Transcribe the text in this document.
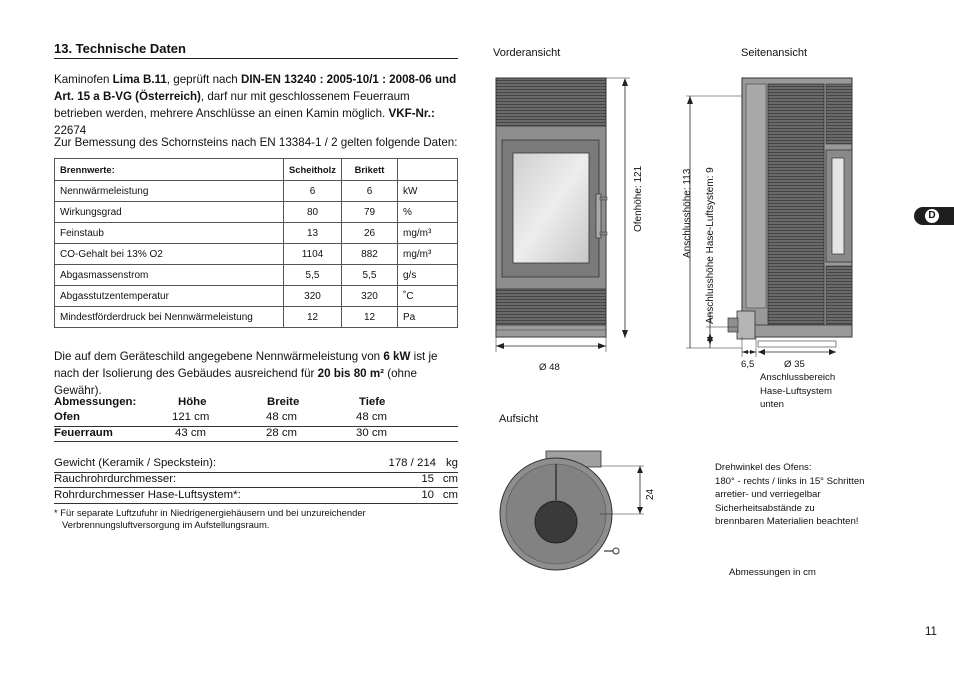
13. Technische Daten
Kaminofen Lima B.11, geprüft nach DIN-EN 13240 : 2005-10/1 : 2008-06 und Art. 15 a B-VG (Österreich), darf nur mit geschlossenem Feuerraum betrieben werden, mehrere Anschlüsse an einen Kamin möglich. VKF-Nr.: 22674
Zur Bemessung des Schornsteins nach EN 13384-1 / 2 gelten folgende Daten:
Brennwerte:	Scheitholz	Brikett	
Nennwärmeleistung	6	6	kW
Wirkungsgrad	80	79	%
Feinstaub	13	26	mg/m³
CO-Gehalt bei 13% O2	1104	882	mg/m³
Abgasmassenstrom	5,5	5,5	g/s
Abgasstutzentemperatur	320	320	˚C
Mindestförderdruck bei Nennwärmeleistung	12	12	Pa
Die auf dem Geräteschild angegebene Nennwärmeleistung von 6 kW ist je nach der Isolierung des Gebäudes ausreichend für 20 bis 80 m² (ohne Gewähr).
Abmessungen:	Höhe	Breite	Tiefe
Ofen	121 cm	48 cm	48 cm
Feuerraum	43 cm	28 cm	30 cm
Gewicht (Keramik / Speckstein):	178 / 214 kg
Rauchrohrdurchmesser:	15 cm
Rohrdurchmesser Hase-Luftsystem*:	10 cm
* Für separate Luftzufuhr in Niedrigenergiehäusern und bei unzureichender
Verbrennungsluftversorgung im Aufstellungsraum.
Ofenhöhe: 121	Anschlusshöhe: 113 Anschlusshöhe Hase-Luftsystem: 9
24
Vorderansicht	Seitenansicht
Aufsicht
Ø 48	6,5	Ø 35
Anschlussbereich
Hase-Luftsystem
unten
Drehwinkel des Ofens:
180° - rechts / links in 15° Schritten
arretier- und verriegelbar
Sicherheitsabstände zu
brennbaren Materialien beachten!
Abmessungen in cm
D
11
